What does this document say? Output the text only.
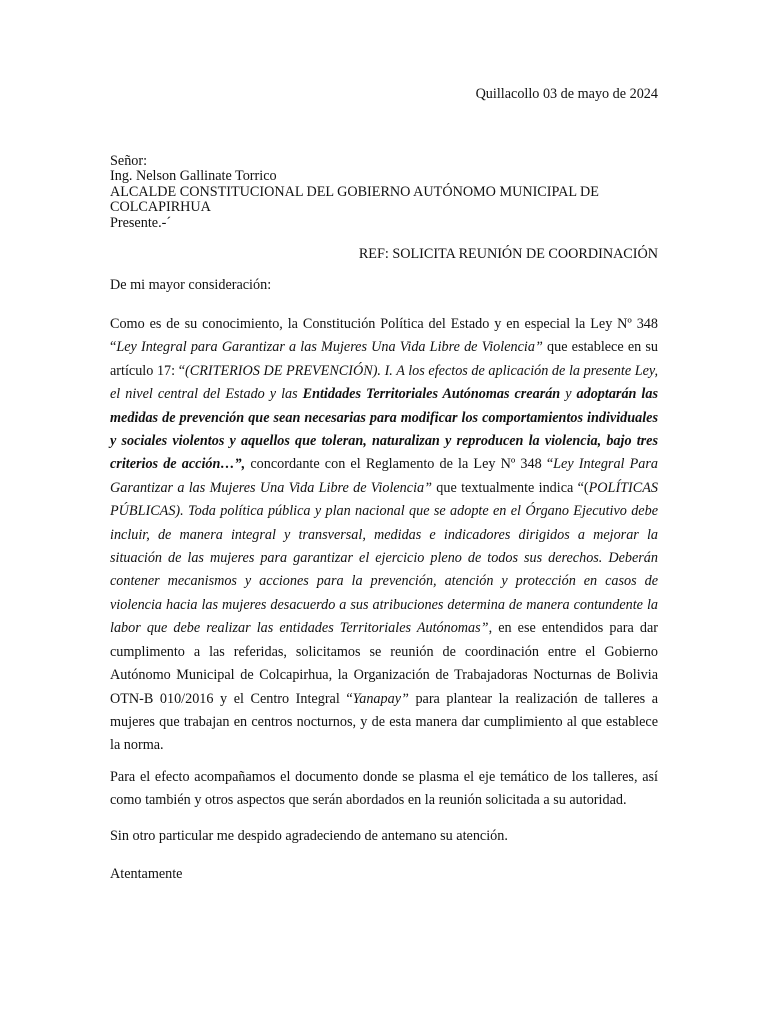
Quillacollo 03 de mayo de 2024
Señor:
Ing. Nelson Gallinate Torrico
ALCALDE CONSTITUCIONAL DEL GOBIERNO AUTÓNOMO MUNICIPAL DE
COLCAPIRHUA
Presente.-´
REF: SOLICITA REUNIÓN DE COORDINACIÓN
De mi mayor consideración:
Como es de su conocimiento, la Constitución Política del Estado y en especial la Ley Nº 348 “Ley Integral para Garantizar a las Mujeres Una Vida Libre de Violencia” que establece en su artículo 17: “(CRITERIOS DE PREVENCIÓN). I. A los efectos de aplicación de la presente Ley, el nivel central del Estado y las Entidades Territoriales Autónomas crearán y adoptarán las medidas de prevención que sean necesarias para modificar los comportamientos individuales y sociales violentos y aquellos que toleran, naturalizan y reproducen la violencia, bajo tres criterios de acción…”, concordante con el Reglamento de la Ley Nº 348 “Ley Integral Para Garantizar a las Mujeres Una Vida Libre de Violencia” que textualmente indica “(POLÍTICAS PÚBLICAS). Toda política pública y plan nacional que se adopte en el Órgano Ejecutivo debe incluir, de manera integral y transversal, medidas e indicadores dirigidos a mejorar la situación de las mujeres para garantizar el ejercicio pleno de todos sus derechos. Deberán contener mecanismos y acciones para la prevención, atención y protección en casos de violencia hacia las mujeres desacuerdo a sus atribuciones determina de manera contundente la labor que debe realizar las entidades Territoriales Autónomas”, en ese entendidos para dar cumplimento a las referidas, solicitamos se reunión de coordinación entre el Gobierno Autónomo Municipal de Colcapirhua, la Organización de Trabajadoras Nocturnas de Bolivia OTN-B 010/2016 y el Centro Integral “Yanapay” para plantear la realización de talleres a mujeres que trabajan en centros nocturnos, y de esta manera dar cumplimiento al que establece la norma.
Para el efecto acompañamos el documento donde se plasma el eje temático de los talleres, así como también y otros aspectos que serán abordados en la reunión solicitada a su autoridad.
Sin otro particular me despido agradeciendo de antemano su atención.
Atentamente
